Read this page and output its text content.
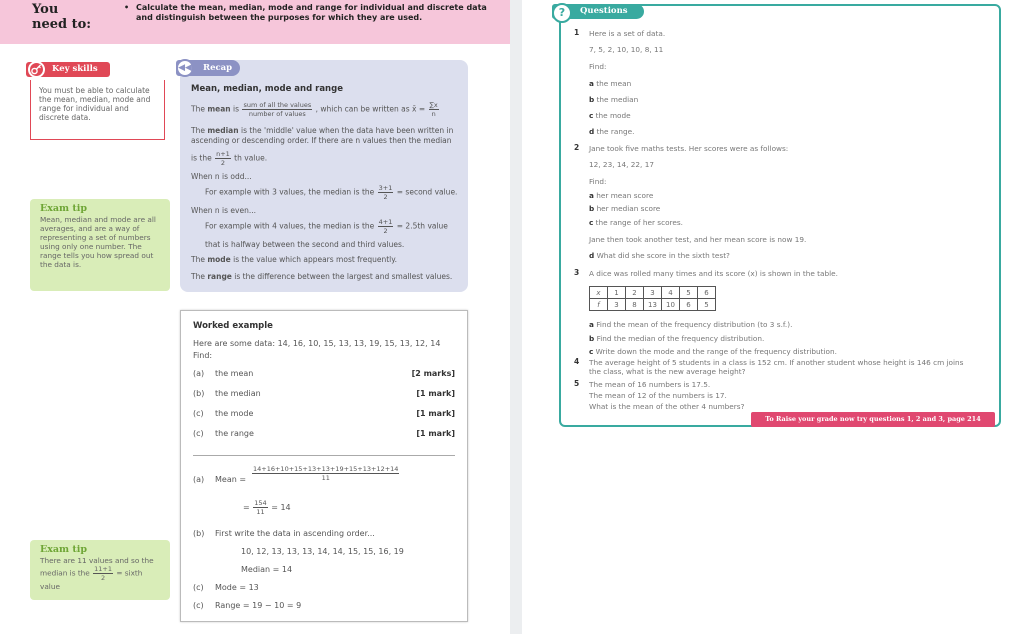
You
need to:
• Calculate the mean, median, mode and range for individual and discrete data and distinguish between the purposes for which they are used.
Key skills
You must be able to calculate the mean, median, mode and range for individual and discrete data.
Exam tip
Mean, median and mode are all averages, and are a way of representing a set of numbers using only one number. The range tells you how spread out the data is.
Exam tip
There are 11 values and so the
median is the $\frac{11+1}{2}$ = sixth value
Recap
◀◀
Mean, median, mode and range
The mean is $\frac{\text{sum of all the values}}{\text{number of values}}$ , which can be written as x̄ = $\frac{\sum x}{n}$
The median is the 'middle' value when the data have been written in
ascending or descending order. If there are n values then the median
is the $\frac{n+1}{2}$ th value.
When n is odd...
For example with 3 values, the median is the $\frac{3+1}{2}$ = second value.
When n is even...
For example with 4 values, the median is the $\frac{4+1}{2} = 2.5th$ value
that is halfway between the second and third values.
The mode is the value which appears most frequently.
The range is the difference between the largest and smallest values.
Worked example
Here are some data: 14, 16, 10, 15, 13, 13, 19, 15, 13, 12, 14
Find:
(a) the mean	[2 marks]
(b) the median	[1 mark]
(c) the mode	[1 mark]
(c) the range	[1 mark]
(a) Mean = $\frac{14+16+10+15+13+13+19+15+13+12+14}{11}$
= $\frac{154}{11} = 14$
(b) First write the data in ascending order...
10, 12, 13, 13, 13, 14, 14, 15, 15, 16, 19
Median = 14
(c) Mode = 13
(c) Range = 19 − 10 = 9
Questions
?
1 Here is a set of data.
7, 5, 2, 10, 10, 8, 11
Find:
a the mean
b the median
c the mode
d the range.
2 Jane took five maths tests. Her scores were as follows:
12, 23, 14, 22, 17
Find:
a her mean score
b her median score
c the range of her scores.
Jane then took another test, and her mean score is now 19.
d What did she score in the sixth test?
3 A dice was rolled many times and its score (x) is shown in the table.
x	1	2	3	4	5	6
f	3	8	13	10	6	5
a Find the mean of the frequency distribution (to 3 s.f.).
b Find the median of the frequency distribution.
c Write down the mode and the range of the frequency distribution.
4 The average height of 5 students in a class is 152 cm. If another student whose height is 146 cm joins
the class, what is the new average height?
5 The mean of 16 numbers is 17.5.
The mean of 12 of the numbers is 17.
What is the mean of the other 4 numbers?
To Raise your grade now try questions 1, 2 and 3, page 214
